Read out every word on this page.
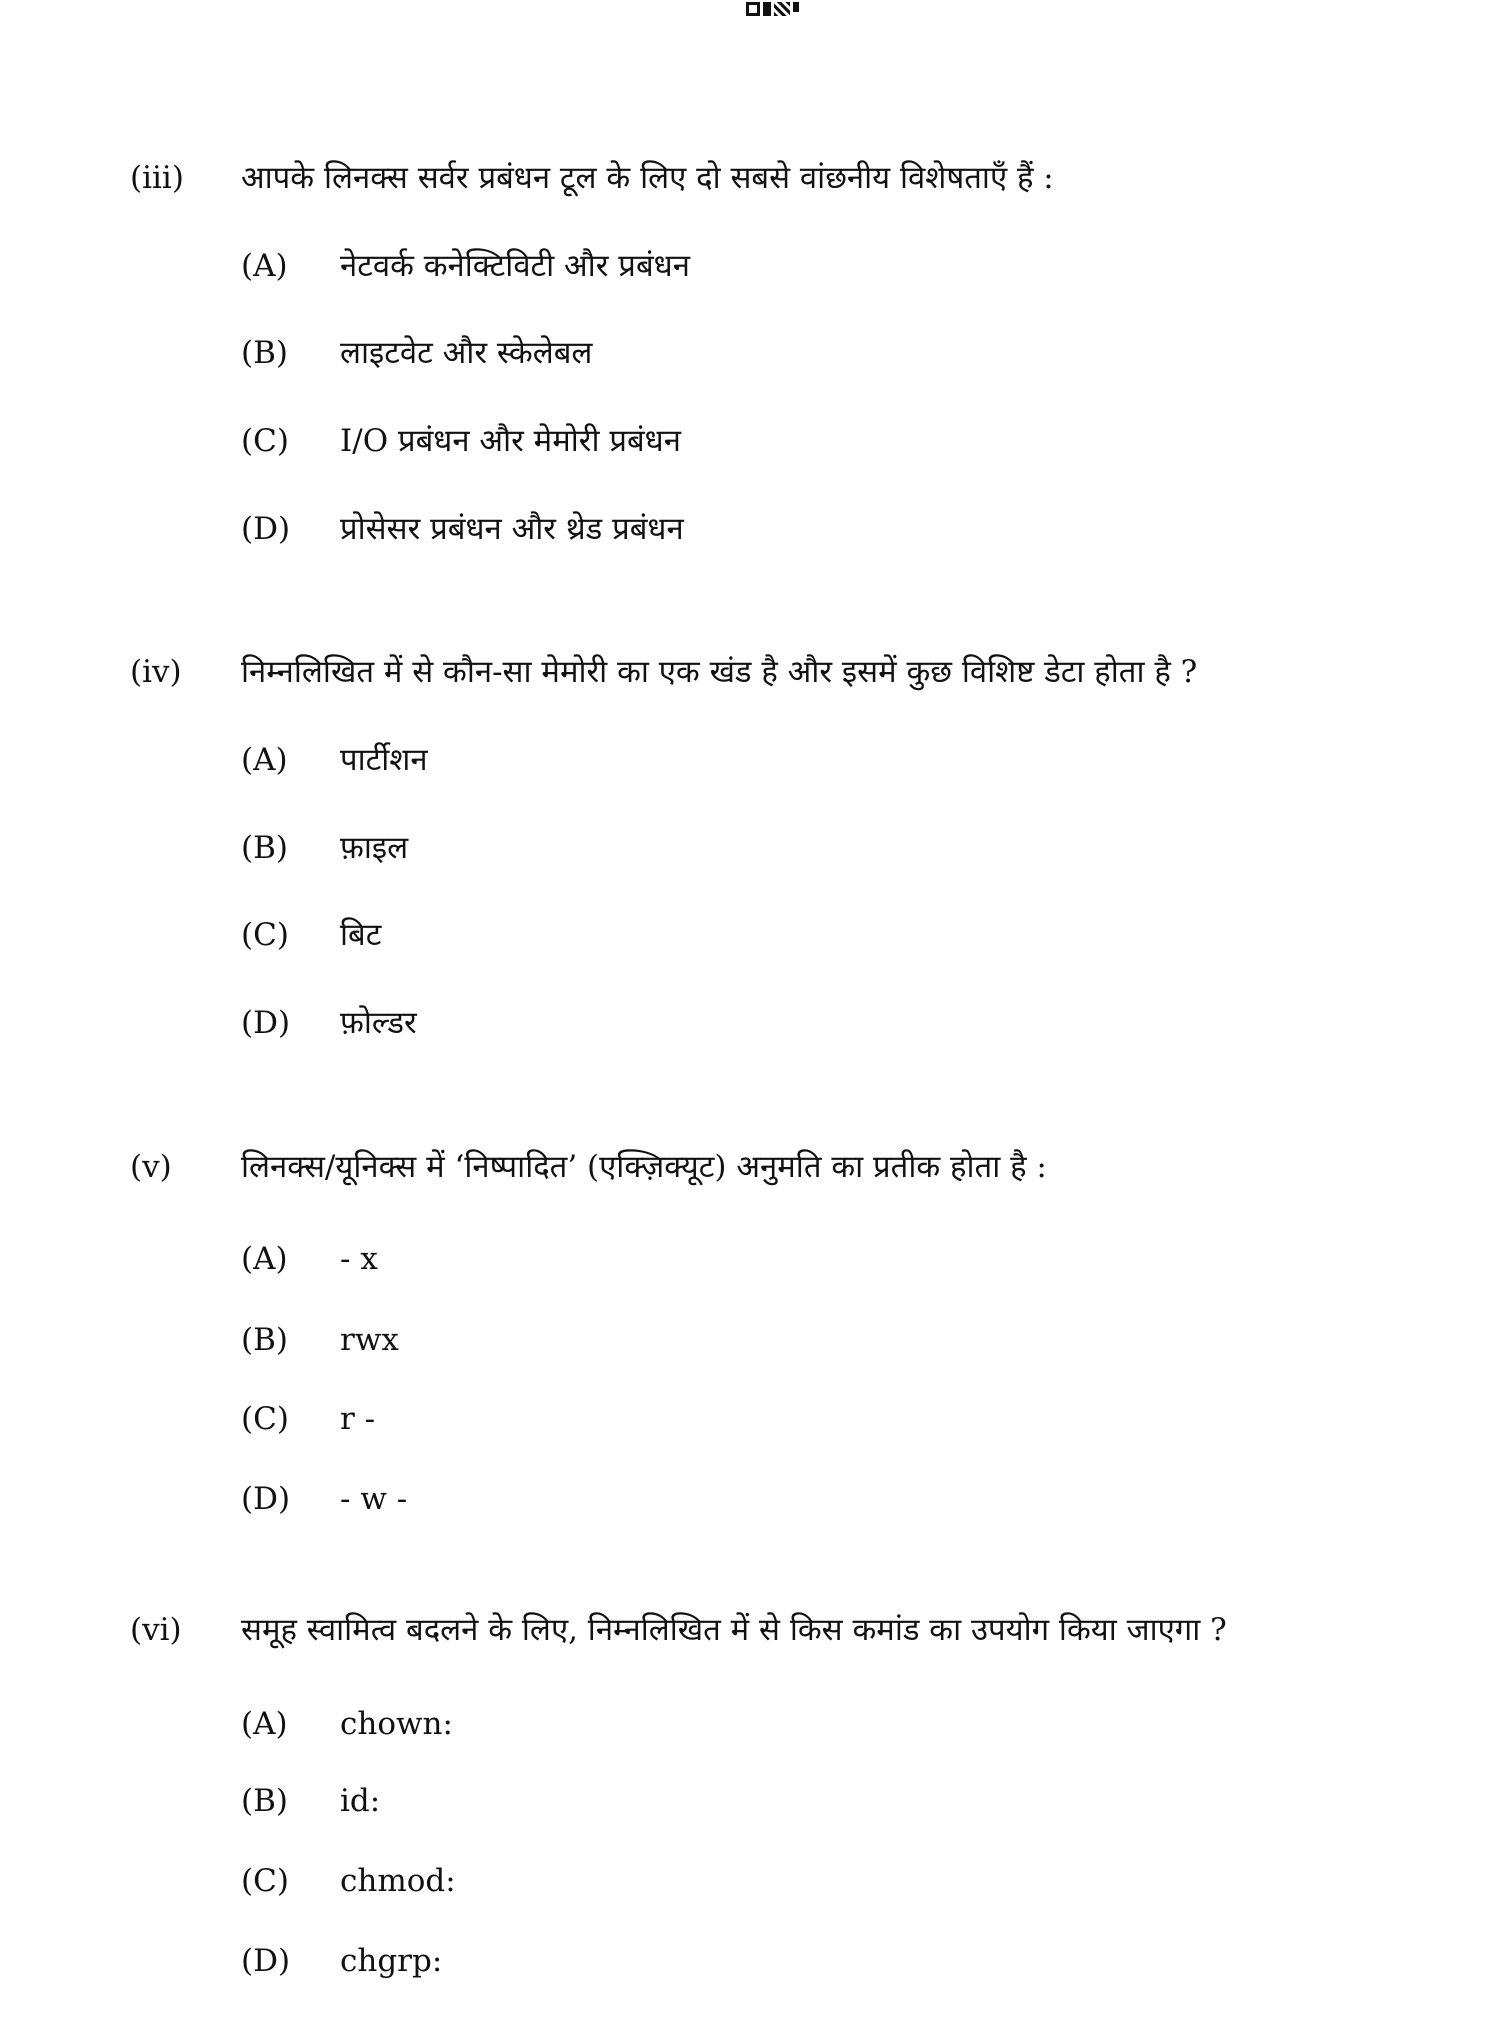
(iii) आपके लिनक्स सर्वर प्रबंधन टूल के लिए दो सबसे वांछनीय विशेषताएँ हैं :
(A) नेटवर्क कनेक्टिविटी और प्रबंधन
(B) लाइटवेट और स्केलेबल
(C) I/O प्रबंधन और मेमोरी प्रबंधन
(D) प्रोसेसर प्रबंधन और थ्रेड प्रबंधन
(iv) निम्नलिखित में से कौन-सा मेमोरी का एक खंड है और इसमें कुछ विशिष्ट डेटा होता है ?
(A) पार्टीशन
(B) फ़ाइल
(C) बिट
(D) फ़ोल्डर
(v) लिनक्स/यूनिक्स में ‘निष्पादित’ (एक्ज़िक्यूट) अनुमति का प्रतीक होता है :
(A) - x
(B) rwx
(C) r -
(D) - w -
(vi) समूह स्वामित्व बदलने के लिए, निम्नलिखित में से किस कमांड का उपयोग किया जाएगा ?
(A) chown:
(B) id:
(C) chmod:
(D) chgrp:
